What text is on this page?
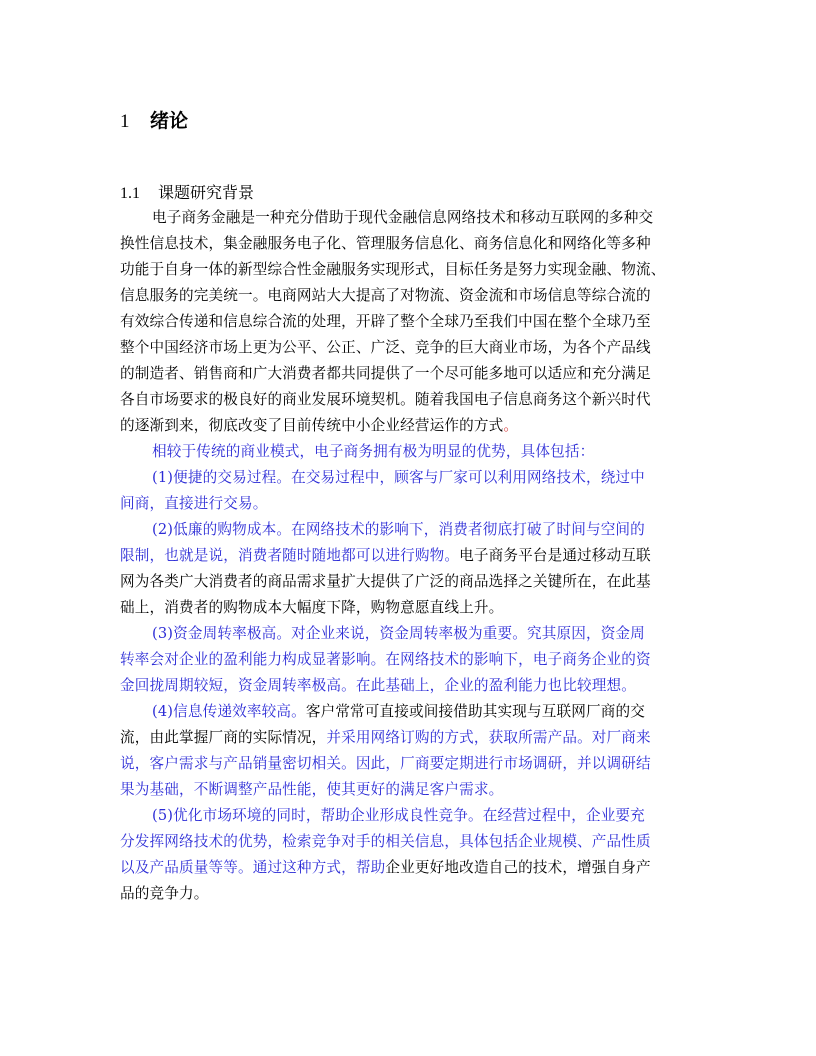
1 绪论
1.1 课题研究背景
电子商务金融是一种充分借助于现代金融信息网络技术和移动互联网的多种交
换性信息技术，集金融服务电子化、管理服务信息化、商务信息化和网络化等多种
功能于自身一体的新型综合性金融服务实现形式，目标任务是努力实现金融、物流、
信息服务的完美统一。电商网站大大提高了对物流、资金流和市场信息等综合流的
有效综合传递和信息综合流的处理，开辟了整个全球乃至我们中国在整个全球乃至
整个中国经济市场上更为公平、公正、广泛、竞争的巨大商业市场，为各个产品线
的制造者、销售商和广大消费者都共同提供了一个尽可能多地可以适应和充分满足
各自市场要求的极良好的商业发展环境契机。随着我国电子信息商务这个新兴时代
的逐渐到来，彻底改变了目前传统中小企业经营运作的方式。
相较于传统的商业模式，电子商务拥有极为明显的优势，具体包括：
(1)便捷的交易过程。在交易过程中，顾客与厂家可以利用网络技术，绕过中
间商，直接进行交易。
(2)低廉的购物成本。在网络技术的影响下，消费者彻底打破了时间与空间的
限制，也就是说，消费者随时随地都可以进行购物。电子商务平台是通过移动互联
网为各类广大消费者的商品需求量扩大提供了广泛的商品选择之关键所在，在此基
础上，消费者的购物成本大幅度下降，购物意愿直线上升。
(3)资金周转率极高。对企业来说，资金周转率极为重要。究其原因，资金周
转率会对企业的盈利能力构成显著影响。在网络技术的影响下，电子商务企业的资
金回拢周期较短，资金周转率极高。在此基础上，企业的盈利能力也比较理想。
(4)信息传递效率较高。客户常常可直接或间接借助其实现与互联网厂商的交
流，由此掌握厂商的实际情况，并采用网络订购的方式，获取所需产品。对厂商来
说，客户需求与产品销量密切相关。因此，厂商要定期进行市场调研，并以调研结
果为基础，不断调整产品性能，使其更好的满足客户需求。
(5)优化市场环境的同时，帮助企业形成良性竞争。在经营过程中，企业要充
分发挥网络技术的优势，检索竞争对手的相关信息，具体包括企业规模、产品性质
以及产品质量等等。通过这种方式，帮助企业更好地改造自己的技术，增强自身产
品的竞争力。
